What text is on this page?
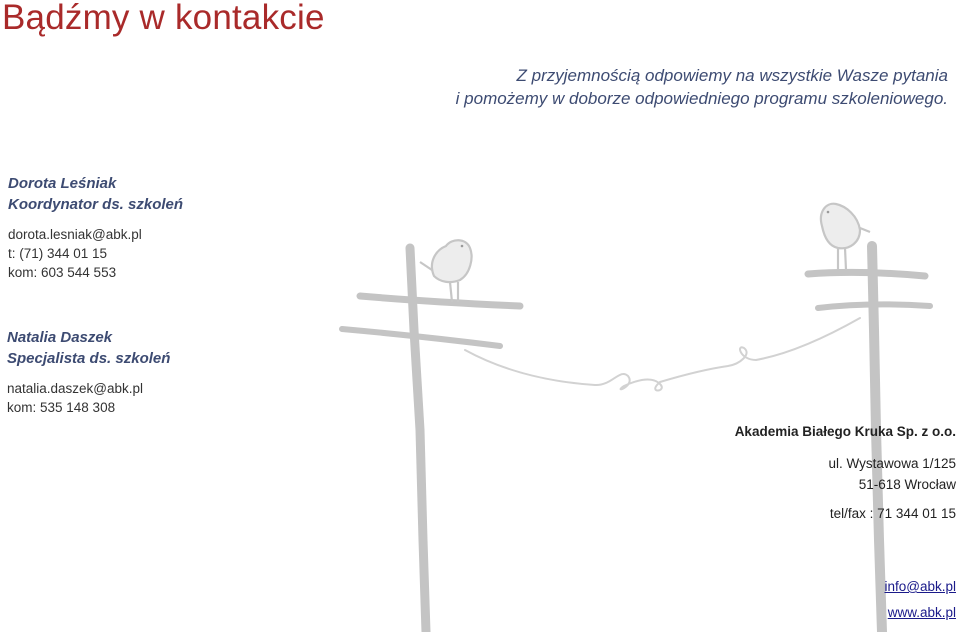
Bądźmy w kontakcie
Z przyjemnością odpowiemy na wszystkie Wasze pytania
i pomożemy w doborze odpowiedniego programu szkoleniowego.
Dorota Leśniak
Koordynator ds. szkoleń
dorota.lesniak@abk.pl
t: (71) 344 01 15
kom: 603 544 553
Natalia Daszek
Specjalista ds. szkoleń
natalia.daszek@abk.pl
kom: 535 148 308
Akademia Białego Kruka Sp. z o.o.
ul. Wystawowa 1/125
51-618 Wrocław
tel/fax : 71 344 01 15
info@abk.pl
www.abk.pl
